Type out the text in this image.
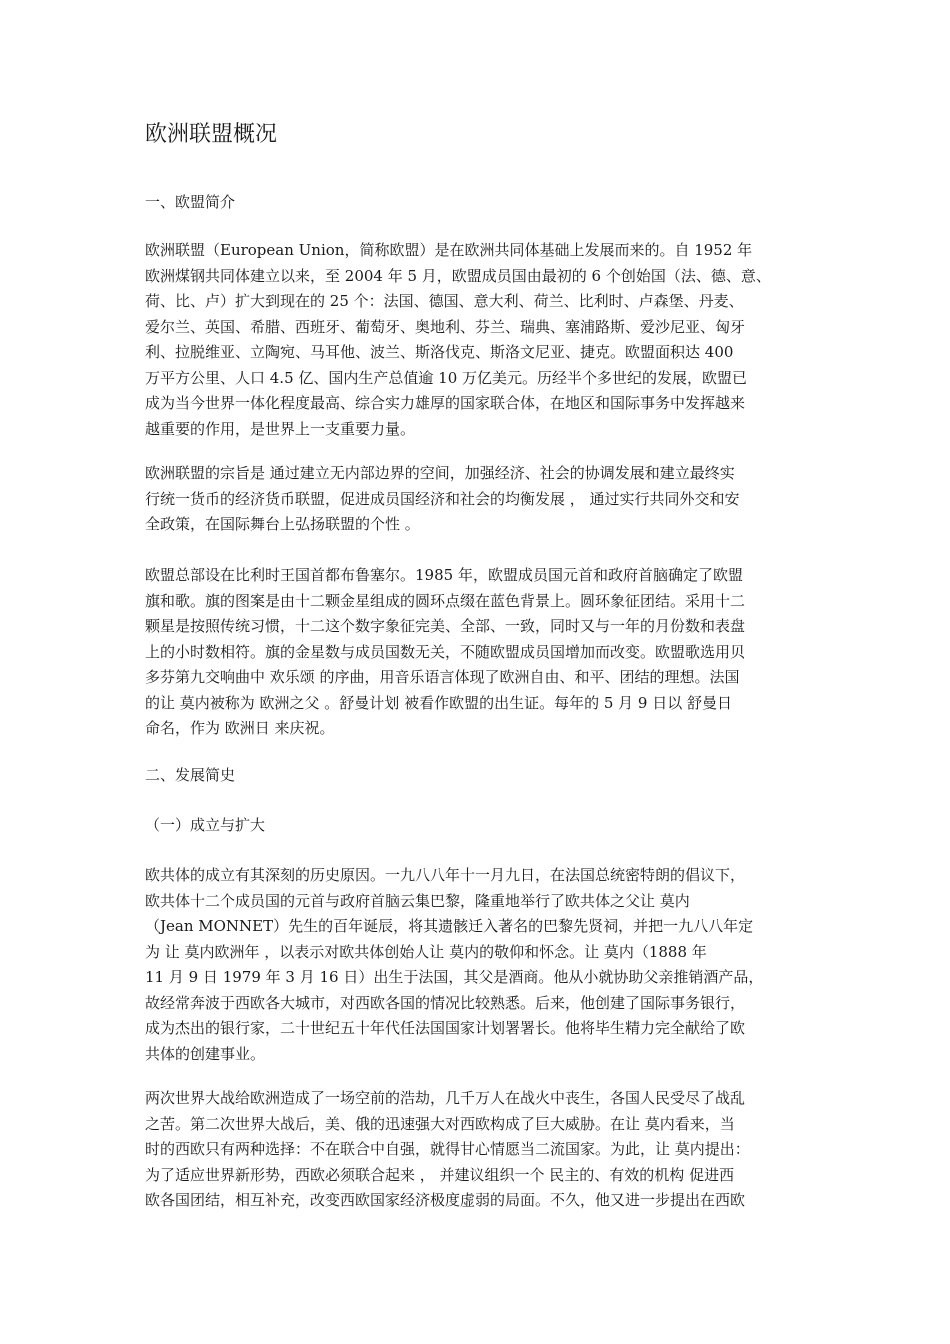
欧洲联盟概况
一、欧盟简介
欧洲联盟（European Union，简称欧盟）是在欧洲共同体基础上发展而来的。自 1952 年
欧洲煤钢共同体建立以来，至 2004 年 5 月，欧盟成员国由最初的 6 个创始国（法、德、意、
荷、比、卢）扩大到现在的 25 个：法国、德国、意大利、荷兰、比利时、卢森堡、丹麦、
爱尔兰、英国、希腊、西班牙、葡萄牙、奥地利、芬兰、瑞典、塞浦路斯、爱沙尼亚、匈牙
利、拉脱维亚、立陶宛、马耳他、波兰、斯洛伐克、斯洛文尼亚、捷克。欧盟面积达 400
万平方公里、人口 4.5 亿、国内生产总值逾 10 万亿美元。历经半个多世纪的发展，欧盟已
成为当今世界一体化程度最高、综合实力雄厚的国家联合体，在地区和国际事务中发挥越来
越重要的作用，是世界上一支重要力量。
欧洲联盟的宗旨是 通过建立无内部边界的空间，加强经济、社会的协调发展和建立最终实
行统一货币的经济货币联盟，促进成员国经济和社会的均衡发展 ， 通过实行共同外交和安
全政策，在国际舞台上弘扬联盟的个性 。
欧盟总部设在比利时王国首都布鲁塞尔。1985 年，欧盟成员国元首和政府首脑确定了欧盟
旗和歌。旗的图案是由十二颗金星组成的圆环点缀在蓝色背景上。圆环象征团结。采用十二
颗星是按照传统习惯，十二这个数字象征完美、全部、一致，同时又与一年的月份数和表盘
上的小时数相符。旗的金星数与成员国数无关，不随欧盟成员国增加而改变。欧盟歌选用贝
多芬第九交响曲中 欢乐颂 的序曲，用音乐语言体现了欧洲自由、和平、团结的理想。法国
的让 莫内被称为 欧洲之父 。舒曼计划 被看作欧盟的出生证。每年的 5 月 9 日以 舒曼日
命名，作为 欧洲日 来庆祝。
二、发展简史
（一）成立与扩大
欧共体的成立有其深刻的历史原因。一九八八年十一月九日，在法国总统密特朗的倡议下，
欧共体十二个成员国的元首与政府首脑云集巴黎，隆重地举行了欧共体之父让 莫内
（Jean MONNET）先生的百年诞辰，将其遗骸迁入著名的巴黎先贤祠，并把一九八八年定
为 让 莫内欧洲年 ，以表示对欧共体创始人让 莫内的敬仰和怀念。让 莫内（1888 年
11 月 9 日 1979 年 3 月 16 日）出生于法国，其父是酒商。他从小就协助父亲推销酒产品，
故经常奔波于西欧各大城市，对西欧各国的情况比较熟悉。后来，他创建了国际事务银行，
成为杰出的银行家，二十世纪五十年代任法国国家计划署署长。他将毕生精力完全献给了欧
共体的创建事业。
两次世界大战给欧洲造成了一场空前的浩劫，几千万人在战火中丧生，各国人民受尽了战乱
之苦。第二次世界大战后，美、俄的迅速强大对西欧构成了巨大威胁。在让 莫内看来，当
时的西欧只有两种选择：不在联合中自强，就得甘心情愿当二流国家。为此，让 莫内提出：
为了适应世界新形势，西欧必须联合起来 ， 并建议组织一个 民主的、有效的机构 促进西
欧各国团结，相互补充，改变西欧国家经济极度虚弱的局面。不久，他又进一步提出在西欧
